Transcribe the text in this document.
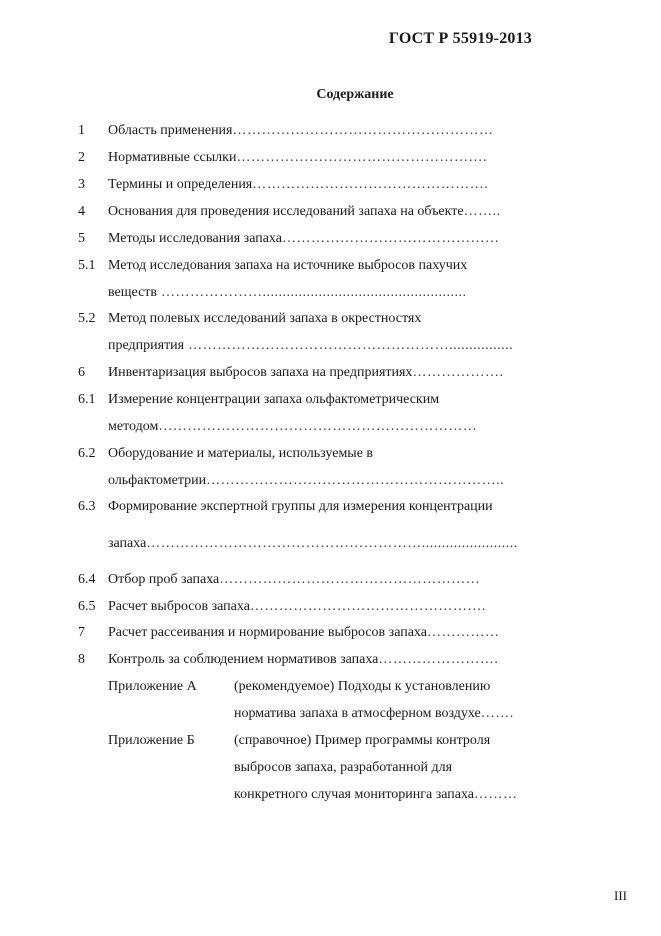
ГОСТ Р 55919-2013
Содержание
1 Область применения………………………………………………
2 Нормативные ссылки…………………………………………….
3 Термины и определения………………………………………….
4 Основания для проведения исследований запаха на объекте……..
5 Методы исследования запаха………………………………………
5.1 Метод исследования запаха на источнике выбросов пахучих
веществ …………………...................................................
5.2 Метод полевых исследований запаха в окрестностях
предприятия ………………………………………………................
6 Инвентаризация выбросов запаха на предприятиях……………….
6.1 Измерение концентрации запаха ольфактометрическим
методом…………………………………………………………
6.2 Оборудование и материалы, используемые в
ольфактометрии……………………………………………………..
6.3 Формирование экспертной группы для измерения концентрации
запаха…………………………………………………........................
6.4 Отбор проб запаха………………………………………………
6.5 Расчет выбросов запаха………………………………………….
7 Расчет рассеивания и нормирование выбросов запаха……………
8 Контроль за соблюдением нормативов запаха…………………….
Приложение А	(рекомендуемое) Подходы к установлению
норматива запаха в атмосферном воздухе…….
Приложение Б	(справочное) Пример программы контроля
выбросов запаха, разработанной для
конкретного случая мониторинга запаха………
III
